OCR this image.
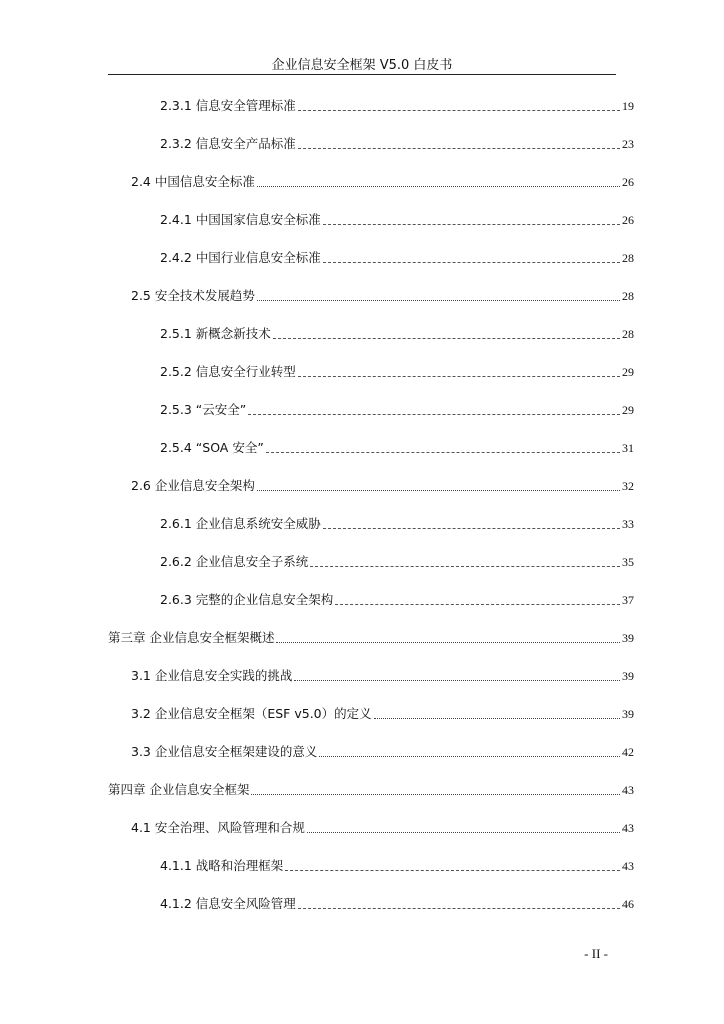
企业信息安全框架 V5.0 白皮书
2.3.1 信息安全管理标准	19
2.3.2 信息安全产品标准	23
2.4 中国信息安全标准	26
2.4.1 中国国家信息安全标准	26
2.4.2 中国行业信息安全标准	28
2.5 安全技术发展趋势	28
2.5.1 新概念新技术	28
2.5.2 信息安全行业转型	29
2.5.3 “云安全”	29
2.5.4 “SOA 安全”	31
2.6 企业信息安全架构	32
2.6.1 企业信息系统安全威胁	33
2.6.2 企业信息安全子系统	35
2.6.3 完整的企业信息安全架构	37
第三章 企业信息安全框架概述	39
3.1 企业信息安全实践的挑战	39
3.2 企业信息安全框架（ESF v5.0）的定义	39
3.3 企业信息安全框架建设的意义	42
第四章 企业信息安全框架	43
4.1 安全治理、风险管理和合规	43
4.1.1 战略和治理框架	43
4.1.2 信息安全风险管理	46
- II -
